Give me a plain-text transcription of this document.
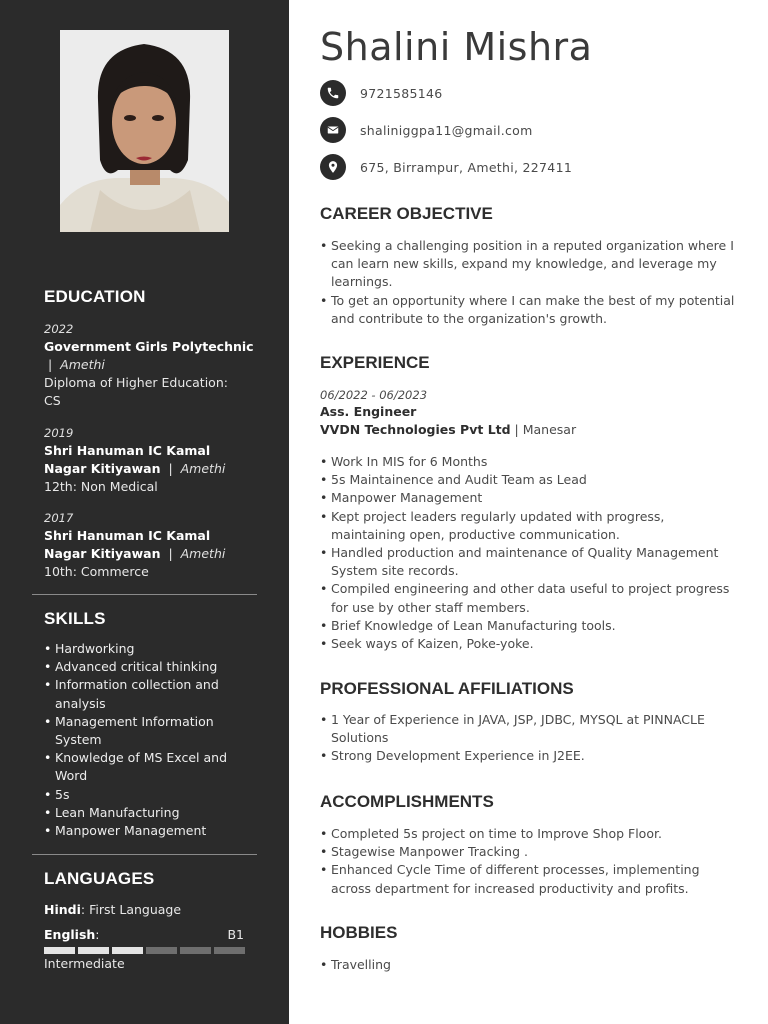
EDUCATION
2022
Government Girls Polytechnic
| Amethi

Diploma of Higher Education: CS
2019
Shri Hanuman IC Kamal Nagar Kitiyawan | Amethi
12th: Non Medical
2017
Shri Hanuman IC Kamal Nagar Kitiyawan | Amethi
10th: Commerce
SKILLS
• Hardworking
• Advanced critical thinking
• Information collection and analysis
• Management Information System
• Knowledge of MS Excel and Word
• 5s
• Lean Manufacturing
• Manpower Management
LANGUAGES
Hindi: First Language
English:	B1
Intermediate
Shalini Mishra
9721585146
shaliniggpa11@gmail.com
675, Birrampur, Amethi, 227411
CAREER OBJECTIVE
• Seeking a challenging position in a reputed organization where I can learn new skills, expand my knowledge, and leverage my learnings.
• To get an opportunity where I can make the best of my potential and contribute to the organization's growth.
EXPERIENCE
06/2022 - 06/2023
Ass. Engineer
VVDN Technologies Pvt Ltd | Manesar
• Work In MIS for 6 Months
• 5s Maintainence and Audit Team as Lead
• Manpower Management
• Kept project leaders regularly updated with progress, maintaining open, productive communication.
• Handled production and maintenance of Quality Management System site records.
• Compiled engineering and other data useful to project progress for use by other staff members.
• Brief Knowledge of Lean Manufacturing tools.
• Seek ways of Kaizen, Poke-yoke.
PROFESSIONAL AFFILIATIONS
• 1 Year of Experience in JAVA, JSP, JDBC, MYSQL at PINNACLE Solutions
• Strong Development Experience in J2EE.
ACCOMPLISHMENTS
• Completed 5s project on time to Improve Shop Floor.
• Stagewise Manpower Tracking .
• Enhanced Cycle Time of different processes, implementing across department for increased productivity and profits.
HOBBIES
• Travelling
